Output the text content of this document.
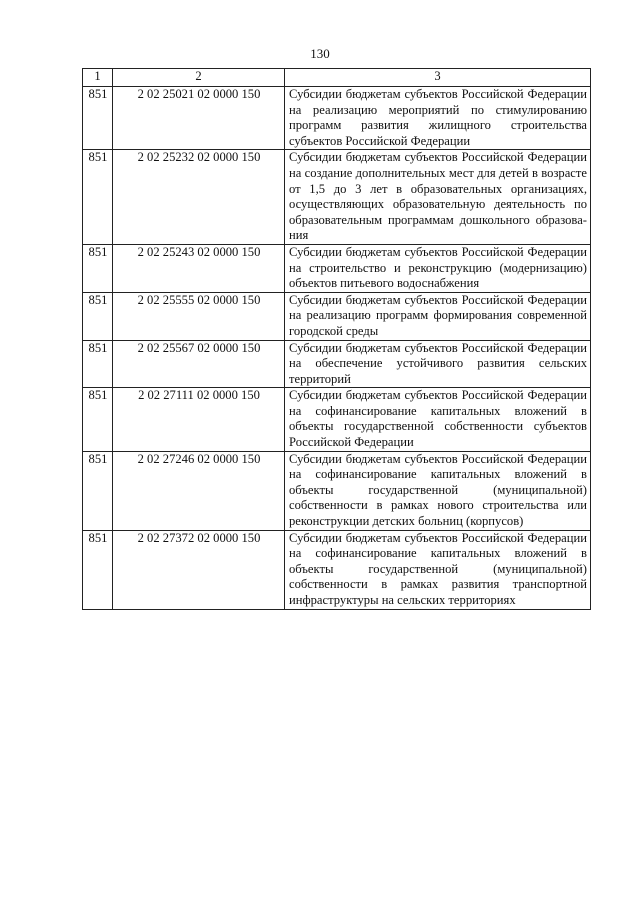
130
1	2	3
851	2 02 25021 02 0000 150	Субсидии бюджетам субъектов Российской Федерации на реализацию мероприятий по стимулированию программ развития жилищного строительства субъектов Российской Федерации
851	2 02 25232 02 0000 150	Субсидии бюджетам субъектов Российской Федерации на создание дополнительных мест для детей в возрасте от 1,5 до 3 лет в образовательных организациях, осуществляющих образовательную деятельность по образовательным программам дошкольного образования
851	2 02 25243 02 0000 150	Субсидии бюджетам субъектов Российской Федерации на строительство и реконструкцию (модернизацию) объектов питьевого водоснабжения
851	2 02 25555 02 0000 150	Субсидии бюджетам субъектов Российской Федерации на реализацию программ формирования современной городской среды
851	2 02 25567 02 0000 150	Субсидии бюджетам субъектов Российской Федерации на обеспечение устойчивого развития сельских территорий
851	2 02 27111 02 0000 150	Субсидии бюджетам субъектов Российской Федерации на софинансирование капитальных вложений в объекты государственной собственности субъектов Российской Федерации
851	2 02 27246 02 0000 150	Субсидии бюджетам субъектов Российской Федерации на софинансирование капитальных вложений в объекты государственной (муниципальной) собственности в рамках нового строительства или реконструкции детских больниц (корпусов)
851	2 02 27372 02 0000 150	Субсидии бюджетам субъектов Российской Федерации на софинансирование капитальных вложений в объекты государственной (муниципальной) собственности в рамках развития транспортной инфраструктуры на сельских территориях
